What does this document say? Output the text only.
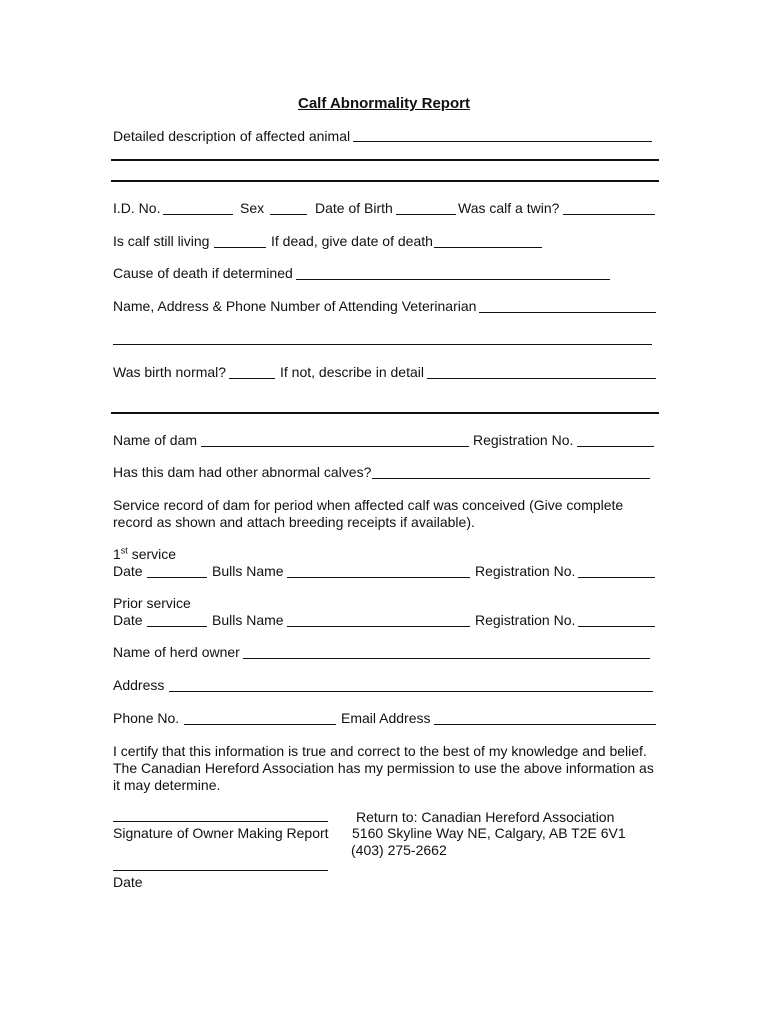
Calf Abnormality Report
Detailed description of affected animal
I.D. No.	Sex	Date of Birth	Was calf a twin?
Is calf still living	If dead, give date of death
Cause of death if determined
Name, Address & Phone Number of Attending Veterinarian
Was birth normal?	If not, describe in detail
Name of dam	Registration No.
Has this dam had other abnormal calves?
Service record of dam for period when affected calf was conceived (Give complete
record as shown and attach breeding receipts if available).
1st service
Date	Bulls Name	Registration No.
Prior service
Date	Bulls Name	Registration No.
Name of herd owner
Address
Phone No.	Email Address
I certify that this information is true and correct to the best of my knowledge and belief.
The Canadian Hereford Association has my permission to use the above information as
it may determine.
Signature of Owner Making Report
Return to: Canadian Hereford Association
5160 Skyline Way NE, Calgary, AB T2E 6V1
(403) 275-2662
Date
